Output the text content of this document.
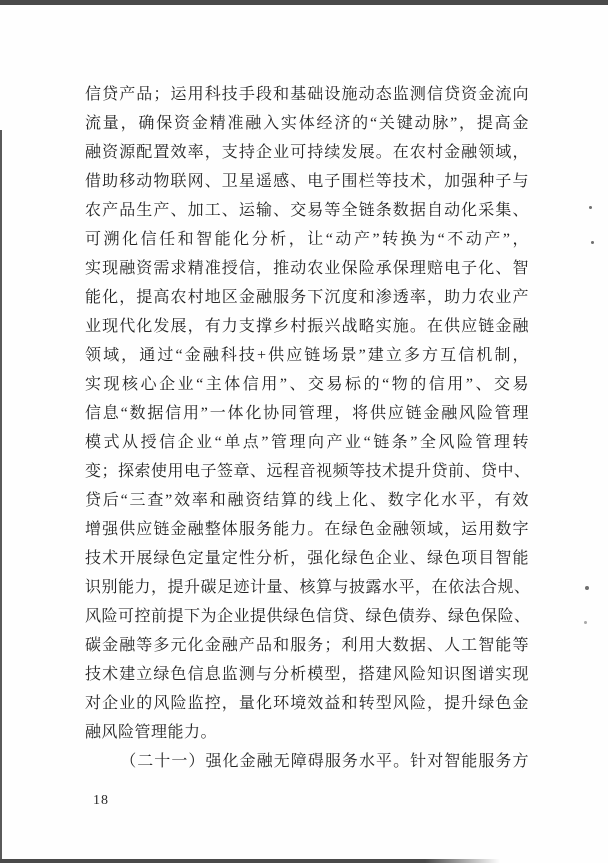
信贷产品；运用科技手段和基础设施动态监测信贷资金流向
流量，确保资金精准融入实体经济的“关键动脉”，提高金
融资源配置效率，支持企业可持续发展。在农村金融领域，
借助移动物联网、卫星遥感、电子围栏等技术，加强种子与
农产品生产、加工、运输、交易等全链条数据自动化采集、
可溯化信任和智能化分析，让“动产”转换为“不动产”，
实现融资需求精准授信，推动农业保险承保理赔电子化、智
能化，提高农村地区金融服务下沉度和渗透率，助力农业产
业现代化发展，有力支撑乡村振兴战略实施。在供应链金融
领域，通过“金融科技+供应链场景”建立多方互信机制，
实现核心企业“主体信用”、交易标的“物的信用”、交易
信息“数据信用”一体化协同管理，将供应链金融风险管理
模式从授信企业“单点”管理向产业“链条”全风险管理转
变；探索使用电子签章、远程音视频等技术提升贷前、贷中、
贷后“三查”效率和融资结算的线上化、数字化水平，有效
增强供应链金融整体服务能力。在绿色金融领域，运用数字
技术开展绿色定量定性分析，强化绿色企业、绿色项目智能
识别能力，提升碳足迹计量、核算与披露水平，在依法合规、
风险可控前提下为企业提供绿色信贷、绿色债券、绿色保险、
碳金融等多元化金融产品和服务；利用大数据、人工智能等
技术建立绿色信息监测与分析模型，搭建风险知识图谱实现
对企业的风险监控，量化环境效益和转型风险，提升绿色金
融风险管理能力。
（二十一）强化金融无障碍服务水平。针对智能服务方
18
